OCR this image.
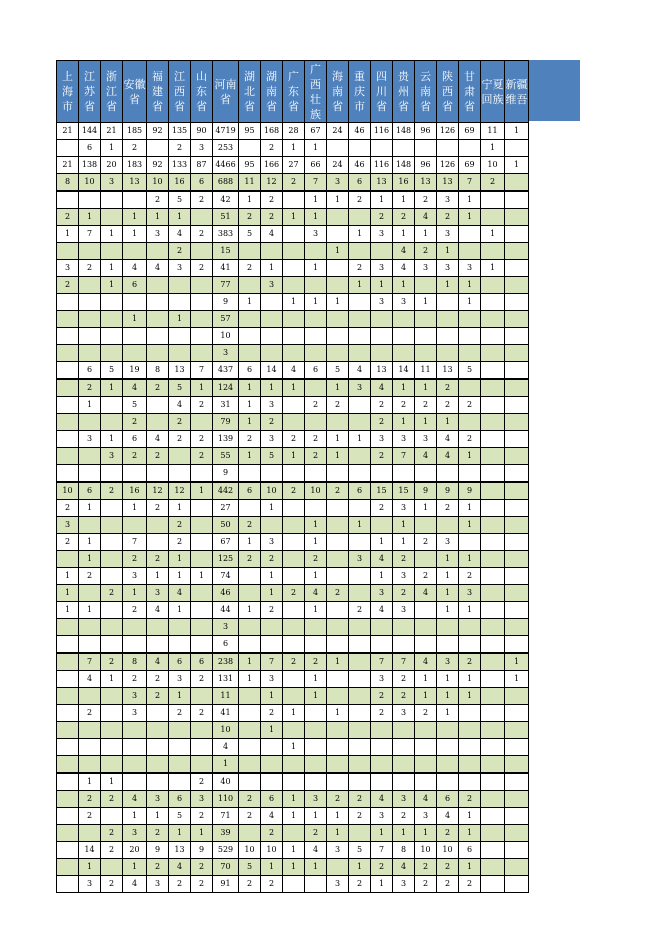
上海市	江苏省	浙江省	安徽省	福建省	江西省	山东省	河南省	湖北省	湖南省	广东省	广西壮族	海南省	重庆市	四川省	贵州省	云南省	陕西省	甘肃省	宁夏回族	新疆维吾
21	144	21	185	92	135	90	4719	95	168	28	67	24	46	116	148	96	126	69	11	1
	6	1	2		2	3	253		2	1	1								1	
21	138	20	183	92	133	87	4466	95	166	27	66	24	46	116	148	96	126	69	10	1
8	10	3	13	10	16	6	688	11	12	2	7	3	6	13	16	13	13	7	2	
				2	5	2	42	1	2		1	1	2	1	1	2	3	1		
2	1		1	1	1		51	2	2	1	1			2	2	4	2	1		
1	7	1	1	3	4	2	383	5	4		3		1	3	1	1	3		1	
					2		15					1			4	2	1			
3	2	1	4	4	3	2	41	2	1		1		2	3	4	3	3	3	1	
2		1	6				77		3				1	1	1		1	1		
							9	1		1	1	1		3	3	1		1		
			1		1		57													
							10													
							3													
	6	5	19	8	13	7	437	6	14	4	6	5	4	13	14	11	13	5		
	2	1	4	2	5	1	124	1	1	1		1	3	4	1	1	2			
	1		5		4	2	31	1	3		2	2		2	2	2	2	2		
			2		2		79	1	2					2	1	1	1			
	3	1	6	4	2	2	139	2	3	2	2	1	1	3	3	3	4	2		
		3	2	2		2	55	1	5	1	2	1		2	7	4	4	1		
							9													
10	6	2	16	12	12	1	442	6	10	2	10	2	6	15	15	9	9	9		
2	1		1	2	1		27		1					2	3	1	2	1		
3					2		50	2			1		1		1			1		
2	1		7		2		67	1	3		1			1	1	2	3			
	1		2	2	1		125	2	2		2		3	4	2		1	1		
1	2		3	1	1	1	74		1		1			1	3	2	1	2		
1		2	1	3	4		46		1	2	4	2		3	2	4	1	3		
1	1		2	4	1		44	1	2		1		2	4	3		1	1		
							3													
							6													
	7	2	8	4	6	6	238	1	7	2	2	1		7	7	4	3	2		1
	4	1	2	2	3	2	131	1	3		1			3	2	1	1	1		1
			3	2	1		11		1		1			2	2	1	1	1		
	2		3		2	2	41		2	1		1		2	3	2	1			
							10		1											
							4			1										
							1													
	1	1				2	40													
	2	2	4	3	6	3	110	2	6	1	3	2	2	4	3	4	6	2		
	2		1	1	5	2	71	2	4	1	1	1	2	3	2	3	4	1		
		2	3	2	1	1	39		2		2	1		1	1	1	2	1		
	14	2	20	9	13	9	529	10	10	1	4	3	5	7	8	10	10	6		
	1		1	2	4	2	70	5	1	1	1		1	2	4	2	2	1		
	3	2	4	3	2	2	91	2	2			3	2	1	3	2	2	2		
